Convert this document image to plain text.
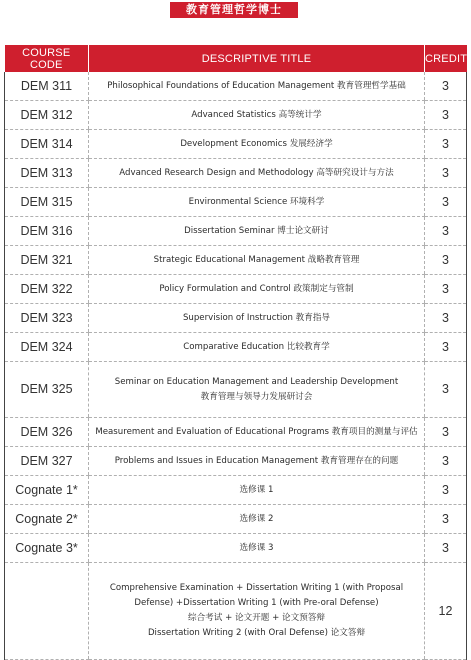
教育管理哲学博士
COURSE CODE	DESCRIPTIVE TITLE	CREDIT
DEM 311	Philosophical Foundations of Education Management 教育管理哲学基础	3
DEM 312	Advanced Statistics 高等统计学	3
DEM 314	Development Economics 发展经济学	3
DEM 313	Advanced Research Design and Methodology 高等研究设计与方法	3
DEM 315	Environmental Science 环境科学	3
DEM 316	Dissertation Seminar 博士论文研讨	3
DEM 321	Strategic Educational Management 战略教育管理	3
DEM 322	Policy Formulation and Control 政策制定与管制	3
DEM 323	Supervision of Instruction 教育指导	3
DEM 324	Comparative Education 比较教育学	3
DEM 325	Seminar on Education Management and Leadership Development
教育管理与领导力发展研讨会	3
DEM 326	Measurement and Evaluation of Educational Programs 教育项目的测量与评估	3
DEM 327	Problems and Issues in Education Management 教育管理存在的问题	3
Cognate 1*	选修课 1	3
Cognate 2*	选修课 2	3
Cognate 3*	选修课 3	3

	Comprehensive Examination + Dissertation Writing 1 (with Proposal
Defense) +Dissertation Writing 1 (with Pre-oral Defense)
综合考试 + 论文开题 + 论文预答辩
Dissertation Writing 2 (with Oral Defense) 论文答辩	12
